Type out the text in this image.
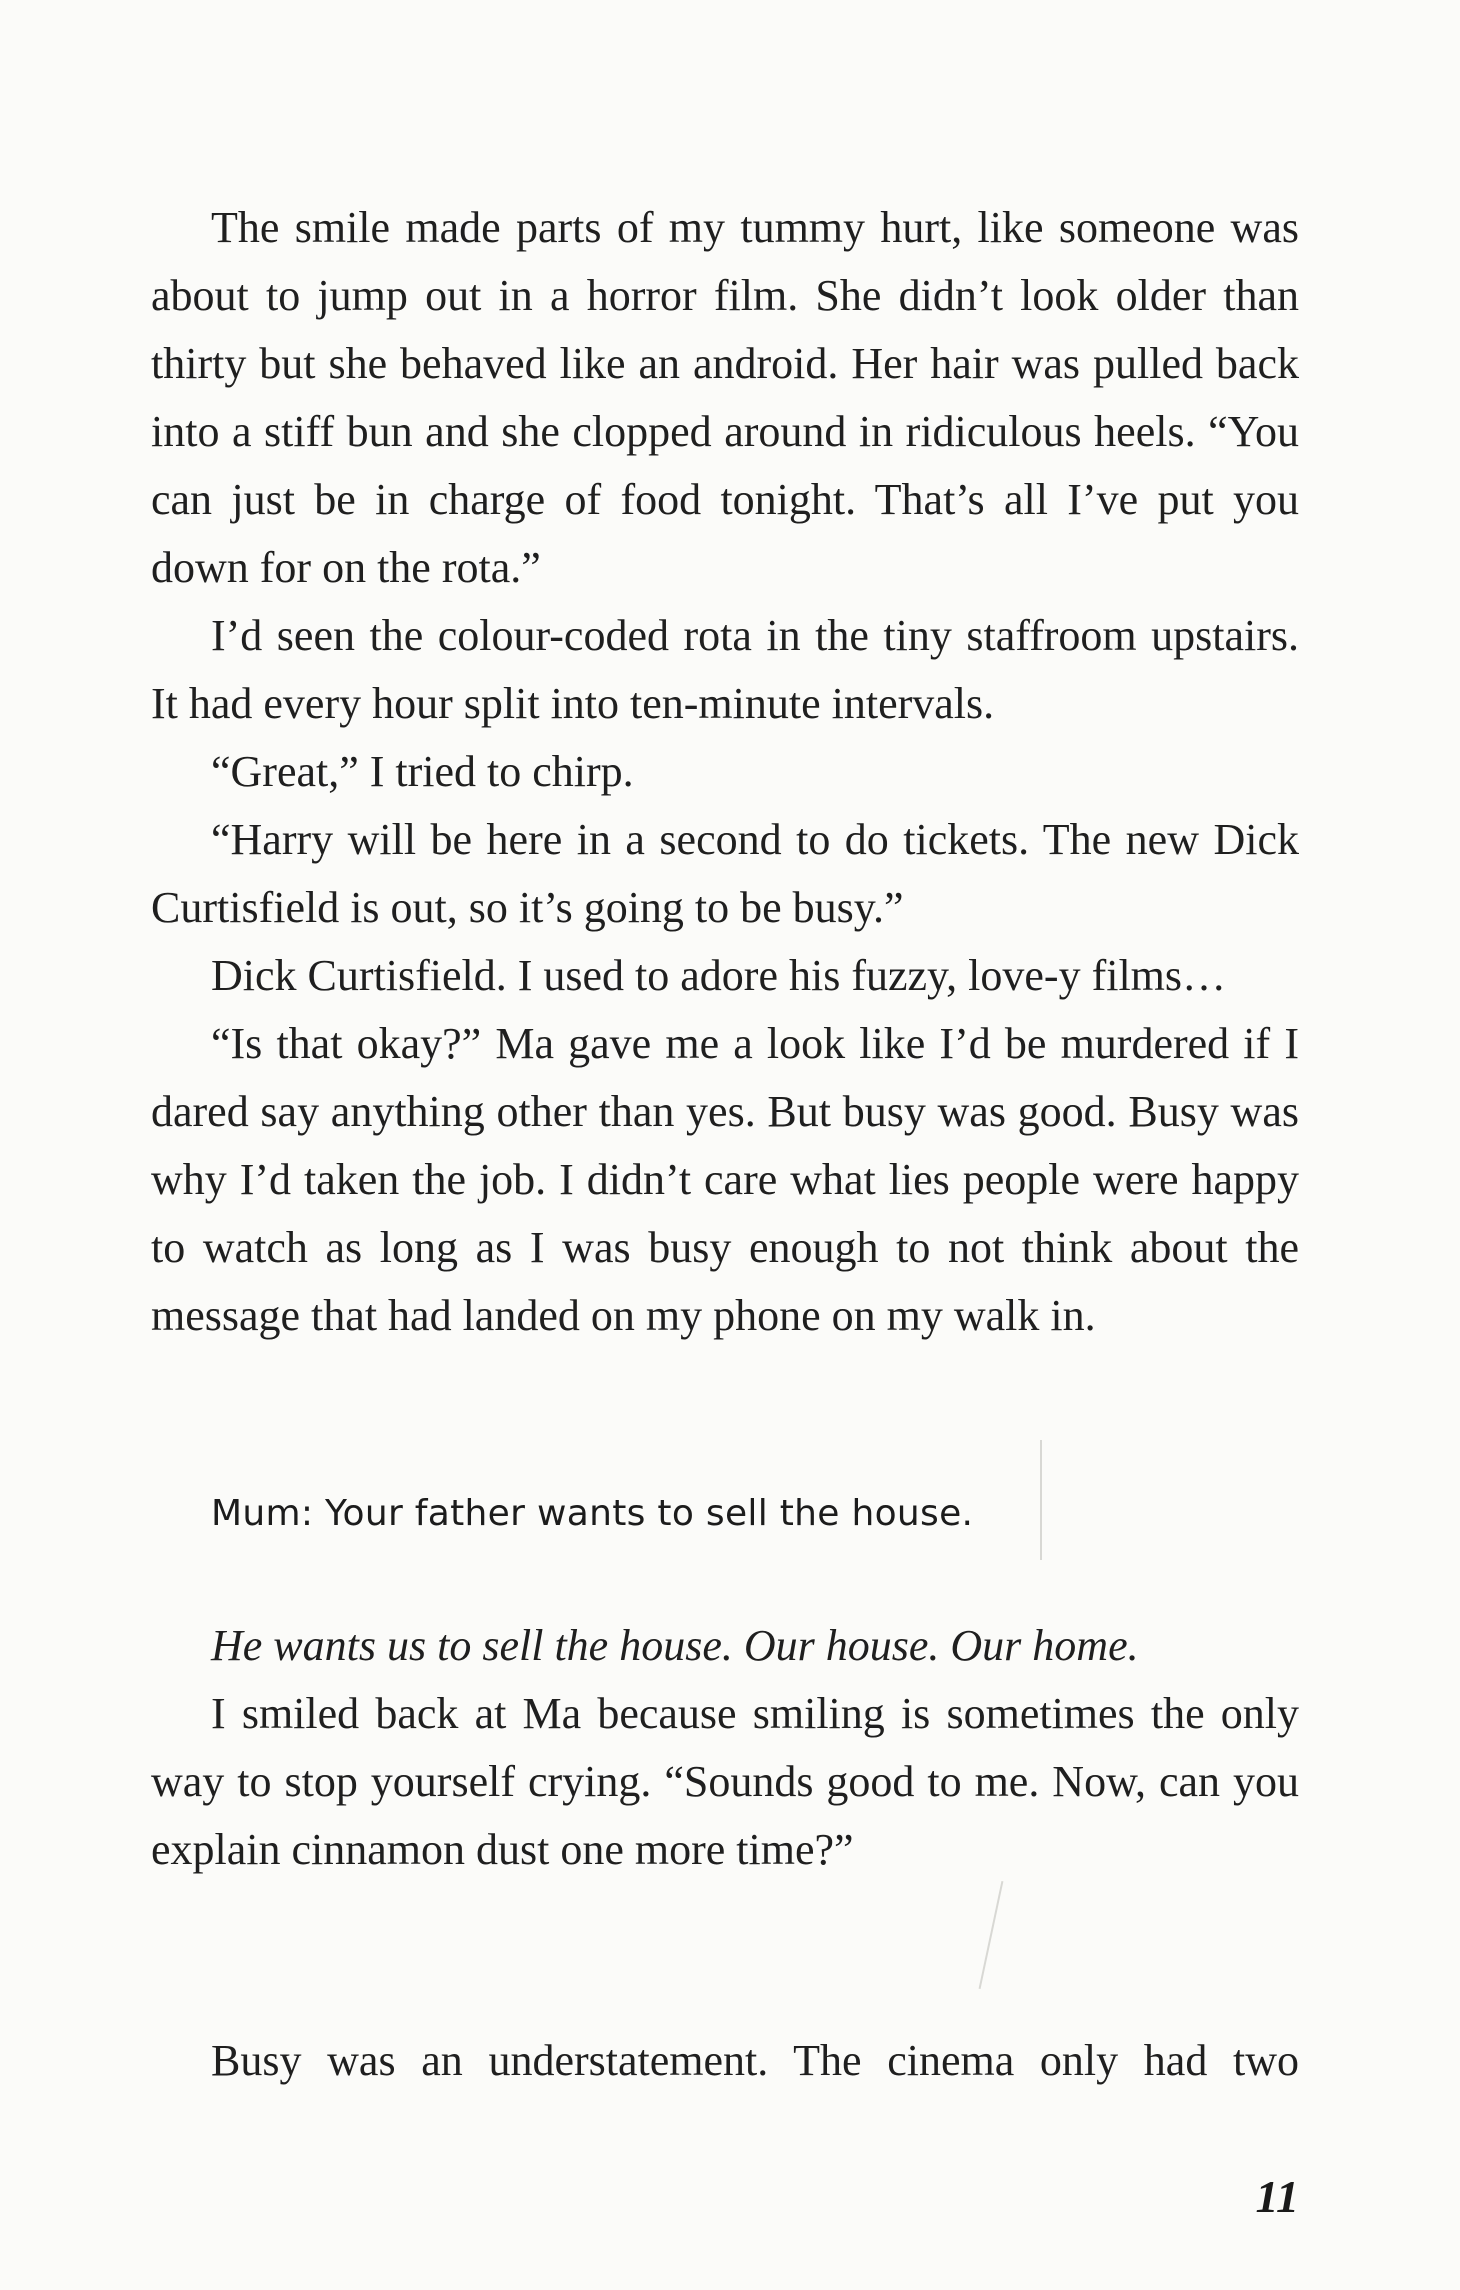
The smile made parts of my tummy hurt, like someone was about to jump out in a horror film. She didn’t look older than thirty but she behaved like an android. Her hair was pulled back into a stiff bun and she clopped around in ridiculous heels. “You can just be in charge of food tonight. That’s all I’ve put you down for on the rota.”

I’d seen the colour-coded rota in the tiny staffroom upstairs. It had every hour split into ten-minute intervals.

“Great,” I tried to chirp.

“Harry will be here in a second to do tickets. The new Dick Curtisfield is out, so it’s going to be busy.”

Dick Curtisfield. I used to adore his fuzzy, love-y films…

“Is that okay?” Ma gave me a look like I’d be murdered if I dared say anything other than yes. But busy was good. Busy was why I’d taken the job. I didn’t care what lies people were happy to watch as long as I was busy enough to not think about the message that had landed on my phone on my walk in.

Mum: Your father wants to sell the house.

He wants us to sell the house. Our house. Our home.

I smiled back at Ma because smiling is sometimes the only way to stop yourself crying. “Sounds good to me. Now, can you explain cinnamon dust one more time?”

Busy was an understatement. The cinema only had two

11
